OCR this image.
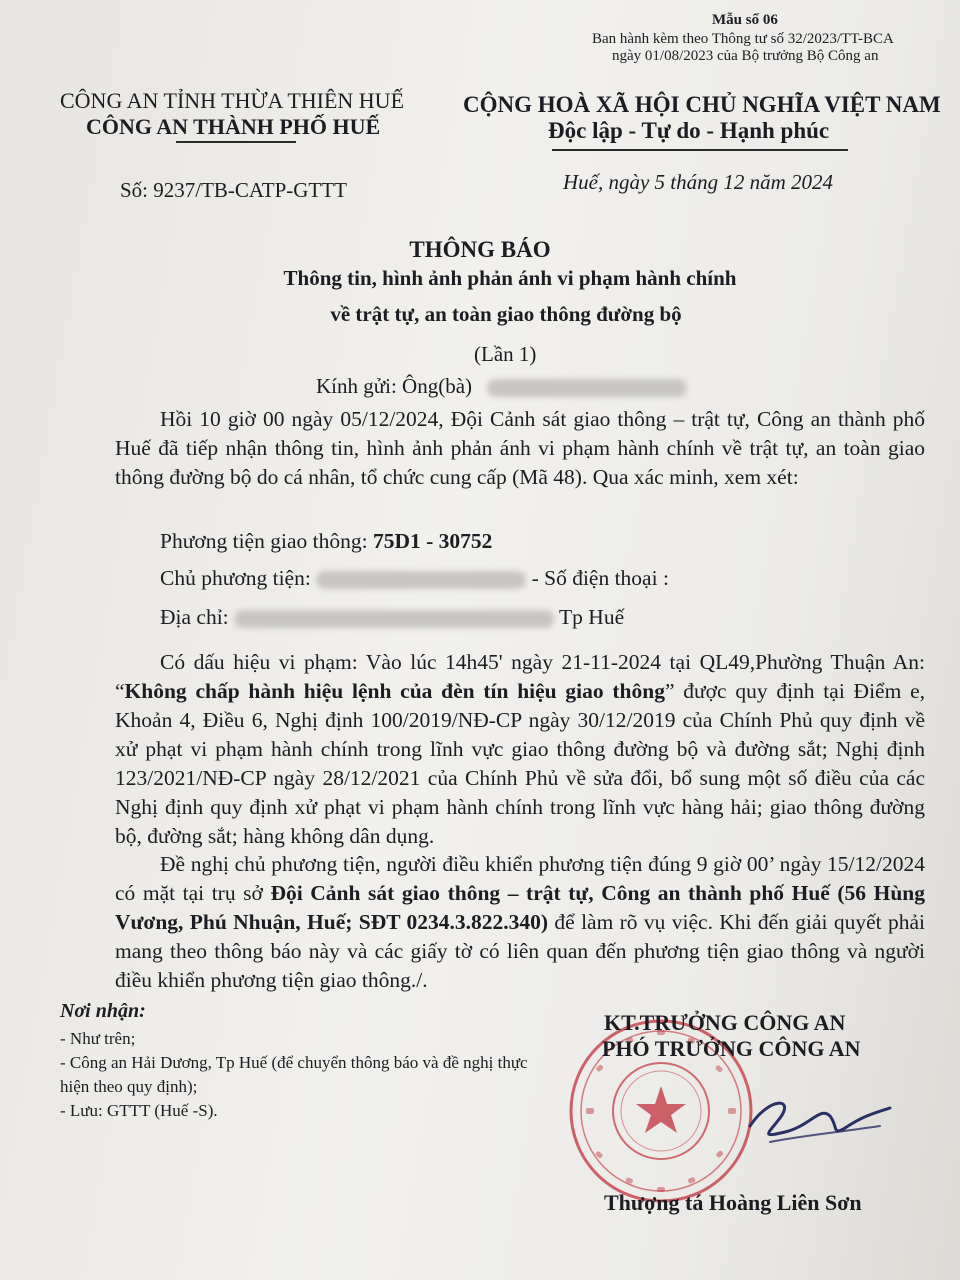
Mẫu số 06
Ban hành kèm theo Thông tư số 32/2023/TT-BCA
ngày 01/08/2023 của Bộ trưởng Bộ Công an
CÔNG AN TỈNH THỪA THIÊN HUẾ
CÔNG AN THÀNH PHỐ HUẾ
CỘNG HOÀ XÃ HỘI CHỦ NGHĨA VIỆT NAM
Độc lập - Tự do - Hạnh phúc
Số: 9237/TB-CATP-GTTT	Huế, ngày 5 tháng 12 năm 2024
THÔNG BÁO
Thông tin, hình ảnh phản ánh vi phạm hành chính
về trật tự, an toàn giao thông đường bộ
(Lần 1)
Kính gửi: Ông(bà)
Hồi 10 giờ 00 ngày 05/12/2024, Đội Cảnh sát giao thông – trật tự, Công an thành phố Huế đã tiếp nhận thông tin, hình ảnh phản ánh vi phạm hành chính về trật tự, an toàn giao thông đường bộ do cá nhân, tổ chức cung cấp (Mã 48). Qua xác minh, xem xét:
Phương tiện giao thông: 75D1 - 30752
Chủ phương tiện:	- Số điện thoại :
Địa chỉ:	Tp Huế
Có dấu hiệu vi phạm: Vào lúc 14h45' ngày 21-11-2024 tại QL49,Phường Thuận An: “Không chấp hành hiệu lệnh của đèn tín hiệu giao thông” được quy định tại Điểm e, Khoản 4, Điều 6, Nghị định 100/2019/NĐ-CP ngày 30/12/2019 của Chính Phủ quy định về xử phạt vi phạm hành chính trong lĩnh vực giao thông đường bộ và đường sắt; Nghị định 123/2021/NĐ-CP ngày 28/12/2021 của Chính Phủ về sửa đổi, bổ sung một số điều của các Nghị định quy định xử phạt vi phạm hành chính trong lĩnh vực hàng hải; giao thông đường bộ, đường sắt; hàng không dân dụng.
Đề nghị chủ phương tiện, người điều khiển phương tiện đúng 9 giờ 00’ ngày 15/12/2024 có mặt tại trụ sở Đội Cảnh sát giao thông – trật tự, Công an thành phố Huế (56 Hùng Vương, Phú Nhuận, Huế; SĐT 0234.3.822.340) để làm rõ vụ việc. Khi đến giải quyết phải mang theo thông báo này và các giấy tờ có liên quan đến phương tiện giao thông và người điều khiển phương tiện giao thông./.
Nơi nhận:
- Như trên;
- Công an Hải Dương, Tp Huế (để chuyển thông báo và đề nghị thực hiện theo quy định);
- Lưu: GTTT (Huế -S).
KT.TRƯỞNG CÔNG AN
PHÓ TRƯỞNG CÔNG AN
Thượng tá Hoàng Liên Sơn
